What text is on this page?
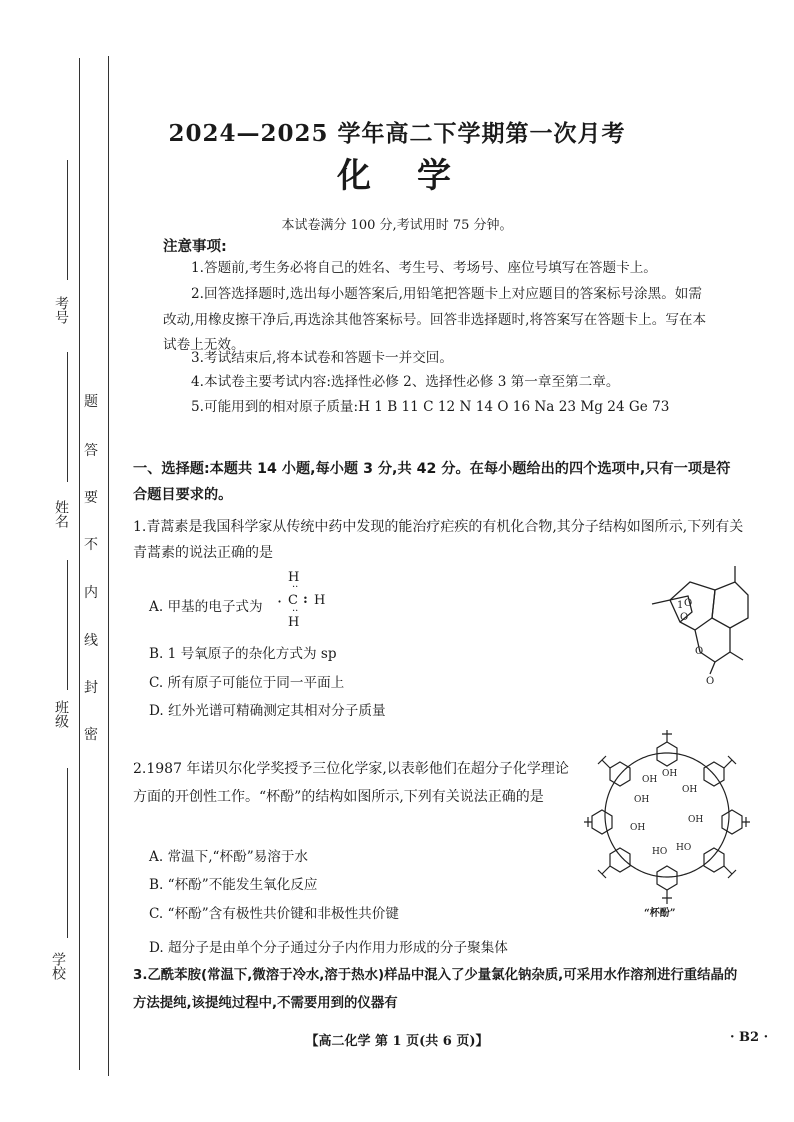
考号
姓名
班级
学校
题
答
要
不
内
线
封
密
2024—2025 学年高二下学期第一次月考
化学
本试卷满分 100 分,考试用时 75 分钟。
注意事项:
1.答题前,考生务必将自己的姓名、考生号、考场号、座位号填写在答题卡上。
2.回答选择题时,选出每小题答案后,用铅笔把答题卡上对应题目的答案标号涂黑。如需改动,用橡皮擦干净后,再选涂其他答案标号。回答非选择题时,将答案写在答题卡上。写在本试卷上无效。
3.考试结束后,将本试卷和答题卡一并交回。
4.本试卷主要考试内容:选择性必修 2、选择性必修 3 第一章至第二章。
5.可能用到的相对原子质量:H 1 B 11 C 12 N 14 O 16 Na 23 Mg 24 Ge 73
一、选择题:本题共 14 小题,每小题 3 分,共 42 分。在每小题给出的四个选项中,只有一项是符合题目要求的。
1.青蒿素是我国科学家从传统中药中发现的能治疗疟疾的有机化合物,其分子结构如图所示,下列有关青蒿素的说法正确的是
A. 甲基的电子式为
H
··
· C : H
··
H
B. 1 号氧原子的杂化方式为 sp
C. 所有原子可能位于同一平面上
D. 红外光谱可精确测定其相对分子质量
1 O
O
O
O
2.1987 年诺贝尔化学奖授予三位化学家,以表彰他们在超分子化学理论方面的开创性工作。“杯酚”的结构如图所示,下列有关说法正确的是
A. 常温下,“杯酚”易溶于水
B. “杯酚”不能发生氧化反应
C. “杯酚”含有极性共价键和非极性共价键
D. 超分子是由单个分子通过分子内作用力形成的分子聚集体
OH
OH
OH
OH
OH
OH
HO HO
“杯酚”
3.乙酰苯胺(常温下,微溶于冷水,溶于热水)样品中混入了少量氯化钠杂质,可采用水作溶剂进行重结晶的方法提纯,该提纯过程中,不需要用到的仪器有
【高二化学 第 1 页(共 6 页)】	· B2 ·
